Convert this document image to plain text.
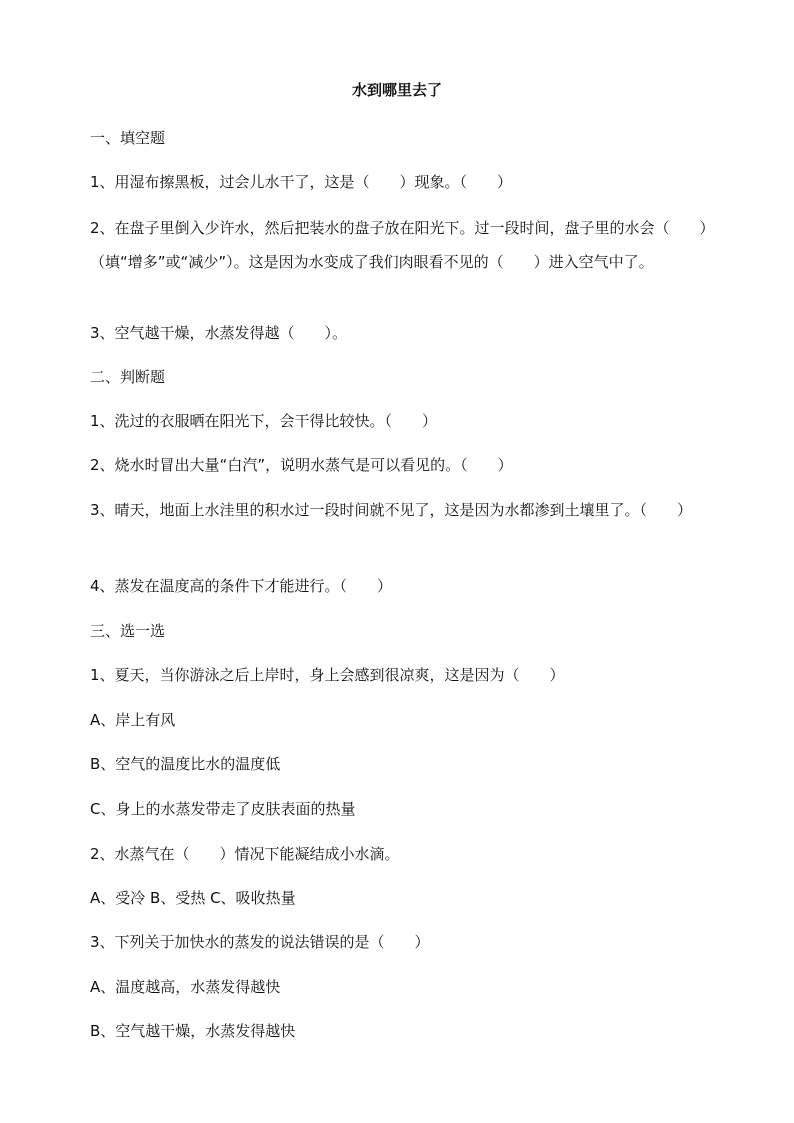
水到哪里去了
一、填空题
1、用湿布擦黑板，过会儿水干了，这是（　　）现象。（　　）
2、在盘子里倒入少许水，然后把装水的盘子放在阳光下。过一段时间，盘子里的水会（　　）（填“增多”或“减少”）。这是因为水变成了我们肉眼看不见的（　　）进入空气中了。
3、空气越干燥，水蒸发得越（　　）。
二、判断题
1、洗过的衣服晒在阳光下，会干得比较快。（　　）
2、烧水时冒出大量“白汽”，说明水蒸气是可以看见的。（　　）
3、晴天，地面上水洼里的积水过一段时间就不见了，这是因为水都渗到土壤里了。（　　）
4、蒸发在温度高的条件下才能进行。（　　）
三、选一选
1、夏天，当你游泳之后上岸时，身上会感到很凉爽，这是因为（　　）
A、岸上有风
B、空气的温度比水的温度低
C、身上的水蒸发带走了皮肤表面的热量
2、水蒸气在（　　）情况下能凝结成小水滴。
A、受冷 B、受热 C、吸收热量
3、下列关于加快水的蒸发的说法错误的是（　　）
A、温度越高，水蒸发得越快
B、空气越干燥，水蒸发得越快
